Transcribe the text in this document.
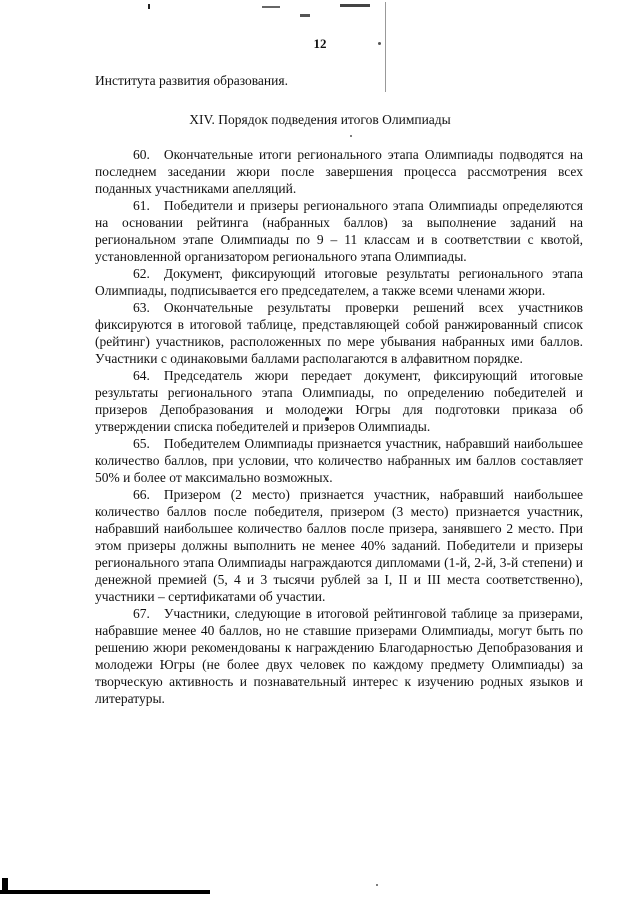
12
Института развития образования.
XIV. Порядок подведения итогов Олимпиады

60. Окончательные итоги регионального этапа Олимпиады подводятся на последнем заседании жюри после завершения процесса рассмотрения всех поданных участниками апелляций.

61. Победители и призеры регионального этапа Олимпиады определяются на основании рейтинга (набранных баллов) за выполнение заданий на региональном этапе Олимпиады по 9 – 11 классам и в соответствии с квотой, установленной организатором регионального этапа Олимпиады.

62. Документ, фиксирующий итоговые результаты регионального этапа Олимпиады, подписывается его председателем, а также всеми членами жюри.

63. Окончательные результаты проверки решений всех участников фиксируются в итоговой таблице, представляющей собой ранжированный список (рейтинг) участников, расположенных по мере убывания набранных ими баллов. Участники с одинаковыми баллами располагаются в алфавитном порядке.

64. Председатель жюри передает документ, фиксирующий итоговые результаты регионального этапа Олимпиады, по определению победителей и призеров Депобразования и молодежи Югры для подготовки приказа об утверждении списка победителей и призеров Олимпиады.

65. Победителем Олимпиады признается участник, набравший наибольшее количество баллов, при условии, что количество набранных им баллов составляет 50% и более от максимально возможных.

66. Призером (2 место) признается участник, набравший наибольшее количество баллов после победителя, призером (3 место) признается участник, набравший наибольшее количество баллов после призера, занявшего 2 место. При этом призеры должны выполнить не менее 40% заданий. Победители и призеры регионального этапа Олимпиады награждаются дипломами (1-й, 2-й, 3-й степени) и денежной премией (5, 4 и 3 тысячи рублей за I, II и III места соответственно), участники – сертификатами об участии.

67. Участники, следующие в итоговой рейтинговой таблице за призерами, набравшие менее 40 баллов, но не ставшие призерами Олимпиады, могут быть по решению жюри рекомендованы к награждению Благодарностью Депобразования и молодежи Югры (не более двух человек по каждому предмету Олимпиады) за творческую активность и познавательный интерес к изучению родных языков и литературы.
